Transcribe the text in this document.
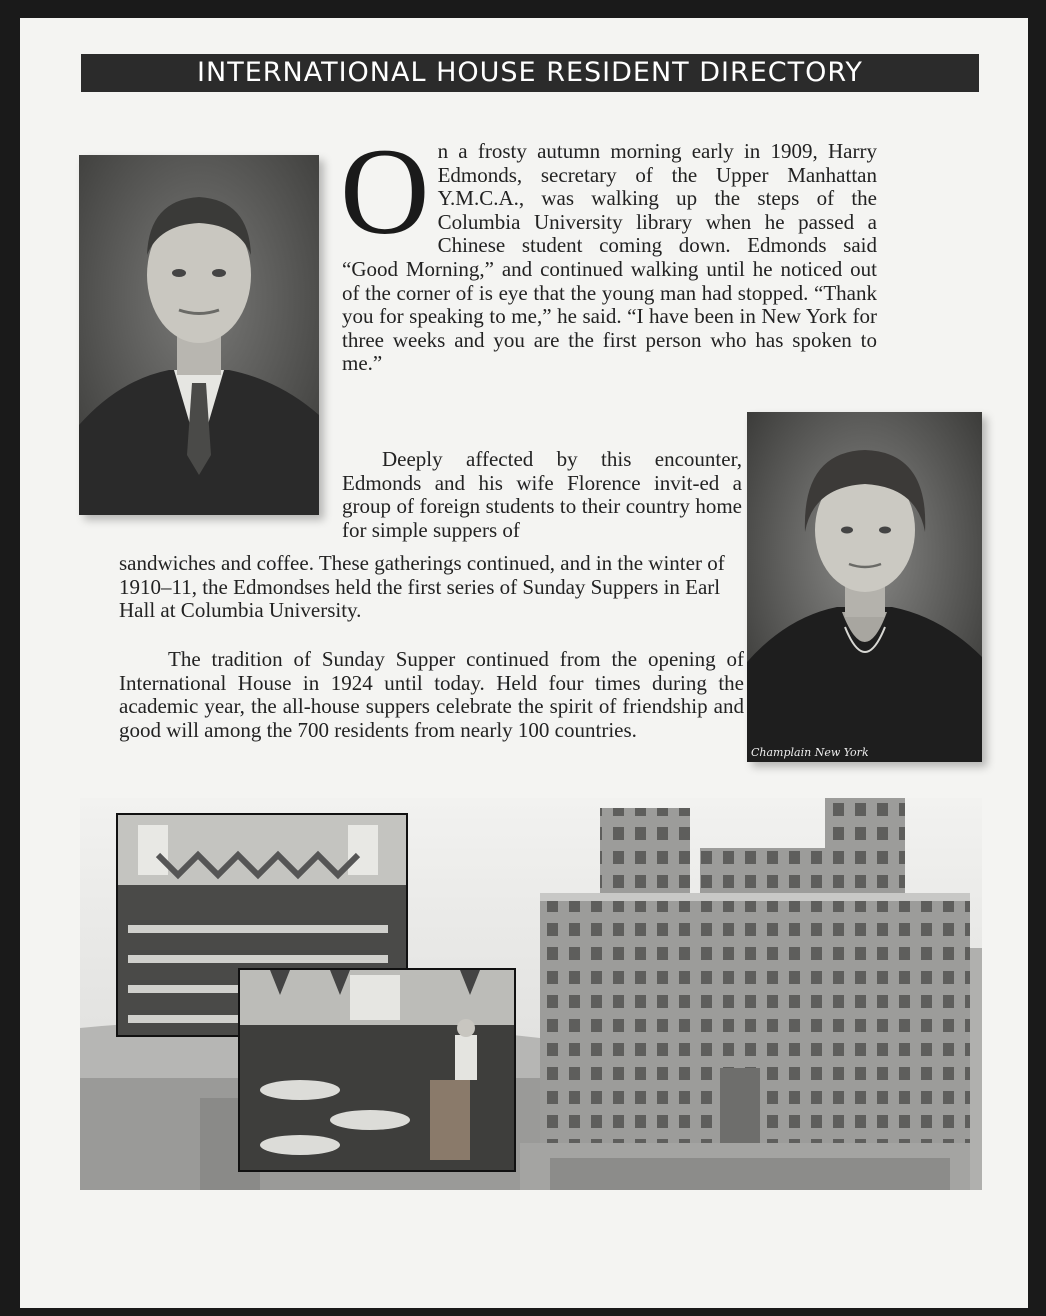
INTERNATIONAL HOUSE RESIDENT DIRECTORY
Champlain New York
On a frosty autumn morning early in 1909, Harry Edmonds, secretary of the Upper Manhattan Y.M.C.A., was walking up the steps of the Columbia University library when he passed a Chinese student coming down. Edmonds said “Good Morning,” and continued walking until he noticed out of the corner of is eye that the young man had stopped. “Thank you for speaking to me,” he said. “I have been in New York for three weeks and you are the first person who has spoken to me.”
Deeply affected by this encounter, Edmonds and his wife Florence invit-ed a group of foreign students to their country home for simple suppers of
sandwiches and coffee. These gatherings continued, and in the winter of 1910–11, the Edmondses held the first series of Sunday Suppers in Earl Hall at Columbia University.
The tradition of Sunday Supper continued from the opening of International House in 1924 until today. Held four times during the academic year, the all-house suppers celebrate the spirit of friendship and good will among the 700 residents from nearly 100 countries.
